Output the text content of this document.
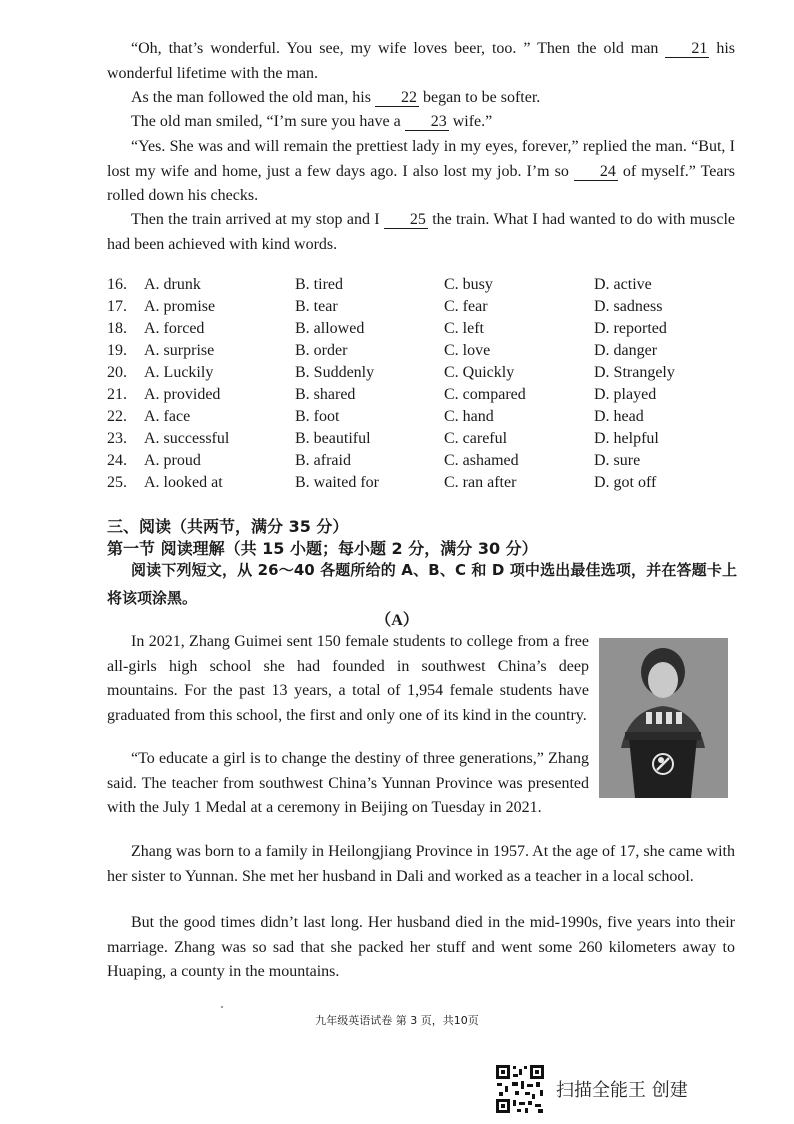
“Oh, that’s wonderful. You see, my wife loves beer, too. ” Then the old man 21 his wonderful lifetime with the man.
As the man followed the old man, his 22 began to be softer.
The old man smiled, “I’m sure you have a 23 wife.”
“Yes. She was and will remain the prettiest lady in my eyes, forever,” replied the man. “But, I lost my wife and home, just a few days ago. I also lost my job. I’m so 24 of myself.” Tears rolled down his checks.
Then the train arrived at my stop and I 25 the train. What I had wanted to do with muscle had been achieved with kind words.
16.	A. drunk	B. tired	C. busy	D. active
17.	A. promise	B. tear	C. fear	D. sadness
18.	A. forced	B. allowed	C. left	D. reported
19.	A. surprise	B. order	C. love	D. danger
20.	A. Luckily	B. Suddenly	C. Quickly	D. Strangely
21.	A. provided	B. shared	C. compared	D. played
22.	A. face	B. foot	C. hand	D. head
23.	A. successful	B. beautiful	C. careful	D. helpful
24.	A. proud	B. afraid	C. ashamed	D. sure
25.	A. looked at	B. waited for	C. ran after	D. got off
三、阅读（共两节，满分 35 分）
第一节 阅读理解（共 15 小题；每小题 2 分，满分 30 分）
阅读下列短文，从 26～40 各题所给的 A、B、C 和 D 项中选出最佳选项，并在答题卡上将该项涂黑。
（A）
In 2021, Zhang Guimei sent 150 female students to college from a free all-girls high school she had founded in southwest China’s deep mountains. For the past 13 years, a total of 1,954 female students have graduated from this school, the first and only one of its kind in the country.
“To educate a girl is to change the destiny of three generations,” Zhang said. The teacher from southwest China’s Yunnan Province was presented with the July 1 Medal at a ceremony in Beijing on Tuesday in 2021.
Zhang was born to a family in Heilongjiang Province in 1957. At the age of 17, she came with her sister to Yunnan. She met her husband in Dali and worked as a teacher in a local school.
But the good times didn’t last long. Her husband died in the mid-1990s, five years into their marriage. Zhang was so sad that she packed her stuff and went some 260 kilometers away to Huaping, a county in the mountains.
九年级英语试卷 第 3 页，共10页
扫描全能王 创建
